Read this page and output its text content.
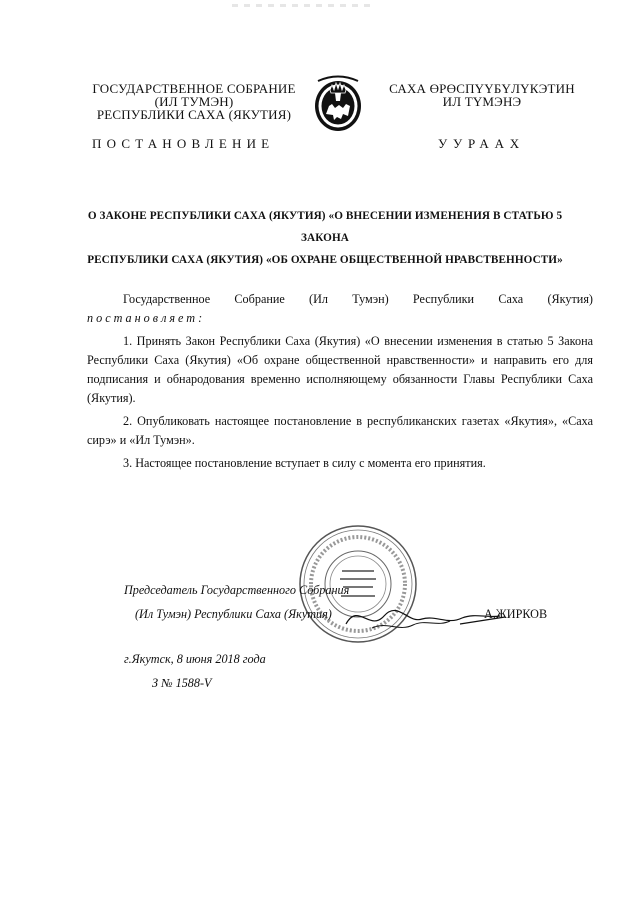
ГОСУДАРСТВЕННОЕ СОБРАНИЕ
(ИЛ ТУМЭН)
РЕСПУБЛИКИ САХА (ЯКУТИЯ)
САХА ӨРӨСПҮҮБҮЛҮКЭТИН
ИЛ ТҮМЭНЭ
ПОСТАНОВЛЕНИЕ	УУРААХ
О ЗАКОНЕ РЕСПУБЛИКИ САХА (ЯКУТИЯ) «О ВНЕСЕНИИ ИЗМЕНЕНИЯ В СТАТЬЮ 5 ЗАКОНА
РЕСПУБЛИКИ САХА (ЯКУТИЯ) «ОБ ОХРАНЕ ОБЩЕСТВЕННОЙ НРАВСТВЕННОСТИ»

Государственное Собрание (Ил Тумэн) Республики Саха (Якутия)

постановляет:

1. Принять Закон Республики Саха (Якутия) «О внесении изменения в статью 5 Закона Республики Саха (Якутия) «Об охране общественной нравственности» и направить его для подписания и обнародования временно исполняющему обязанности Главы Республики Саха (Якутия).

2. Опубликовать настоящее постановление в республиканских газетах «Якутия», «Саха сирэ» и «Ил Тумэн».

3. Настоящее постановление вступает в силу с момента его принятия.

Председатель Государственного Собрания
(Ил Тумэн) Республики Саха (Якутия)	А.ЖИРКОВ
г.Якутск, 8 июня 2018 года
З № 1588-V
